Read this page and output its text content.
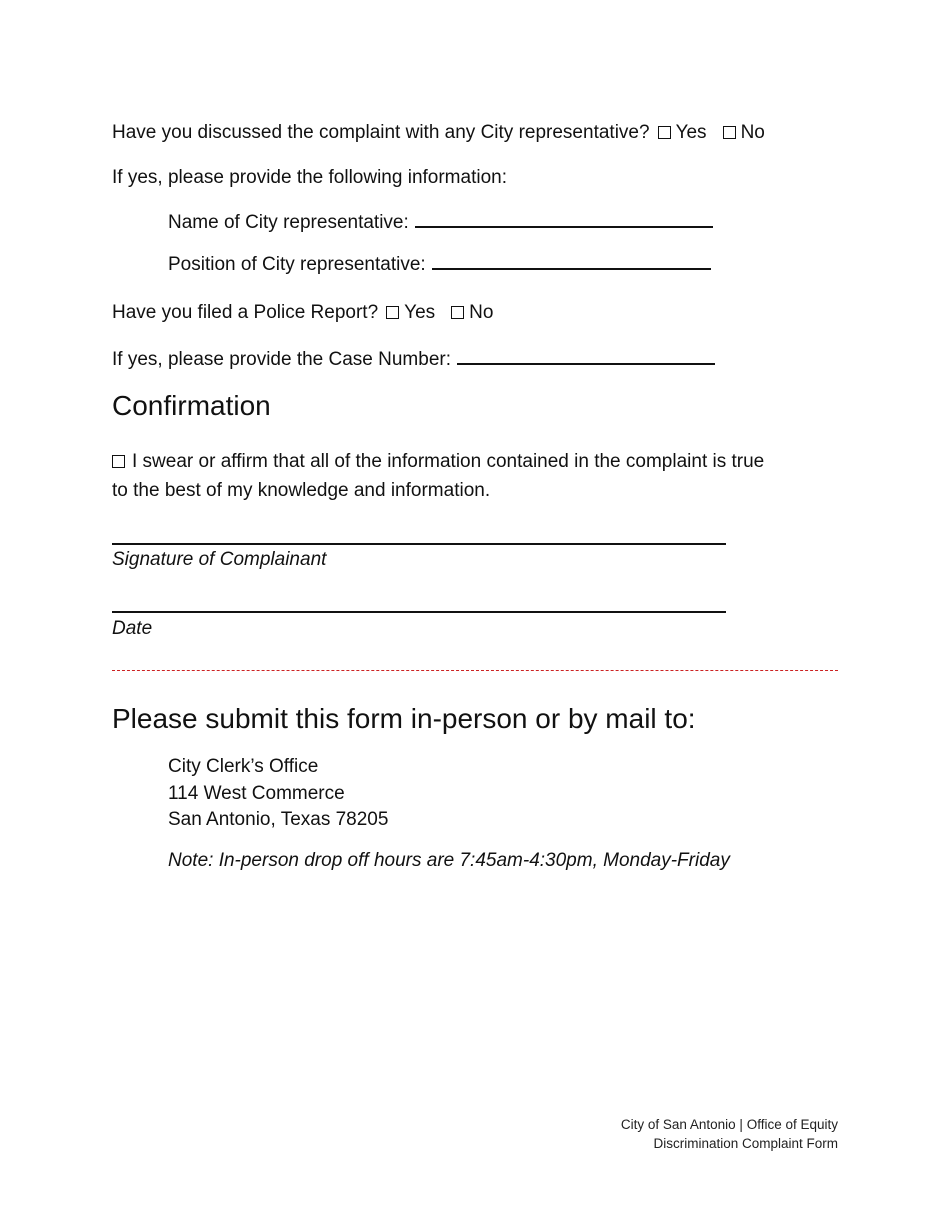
Have you discussed the complaint with any City representative? Yes No
If yes, please provide the following information:
Name of City representative:
Position of City representative:
Have you filed a Police Report? Yes No
If yes, please provide the Case Number:
Confirmation
I swear or affirm that all of the information contained in the complaint is true
to the best of my knowledge and information.
Signature of Complainant
Date
Please submit this form in-person or by mail to:
City Clerk’s Office
114 West Commerce
San Antonio, Texas 78205
Note: In-person drop off hours are 7:45am-4:30pm, Monday-Friday
City of San Antonio | Office of Equity
Discrimination Complaint Form
